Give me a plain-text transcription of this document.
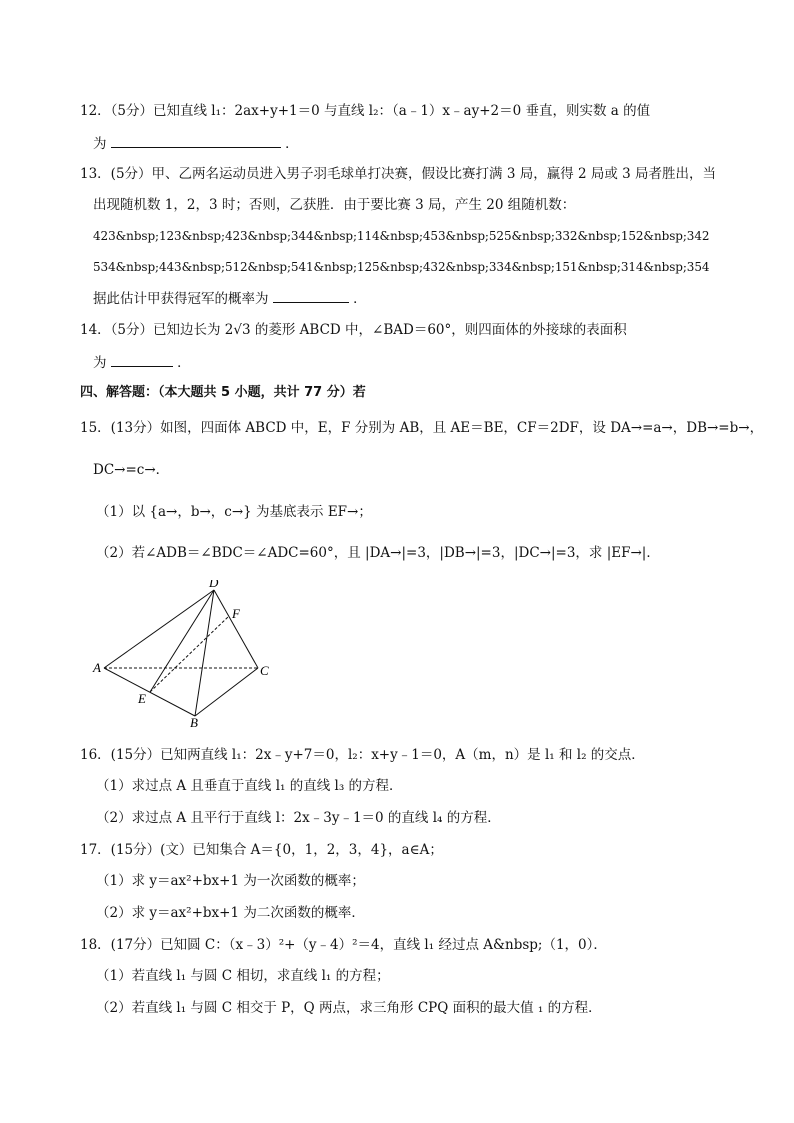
12．（5分）已知直线 l₁：2ax+y+1＝0 与直线 l₂：（a﹣1）x﹣ay+2＝0 垂直，则实数 a 的值
为	．
13．(5分）甲、乙两名运动员进入男子羽毛球单打决赛，假设比赛打满 3 局，赢得 2 局或 3 局者胜出，当
出现随机数 1，2，3 时；否则，乙获胜．由于要比赛 3 局，产生 20 组随机数：
423&nbsp;123&nbsp;423&nbsp;344&nbsp;114&nbsp;453&nbsp;525&nbsp;332&nbsp;152&nbsp;342
534&nbsp;443&nbsp;512&nbsp;541&nbsp;125&nbsp;432&nbsp;334&nbsp;151&nbsp;314&nbsp;354
据此估计甲获得冠军的概率为	．
14．（5分）已知边长为 2√3 的菱形 ABCD 中，∠BAD＝60°，则四面体的外接球的表面积
为	．
四、解答题：（本大题共 5 小题，共计 77 分）若
15．(13分）如图，四面体 ABCD 中，E，F 分别为 AB，且 AE＝BE，CF＝2DF，设 DA→=a→，DB→=b→，
DC→=c→．
（1）以 {a→，b→，c→} 为基底表示 EF→；
（2）若∠ADB＝∠BDC＝∠ADC=60°，且 |DA→|=3，|DB→|=3，|DC→|=3，求 |EF→|．
D
F
A	C
E
B
16．(15分）已知两直线 l₁：2x﹣y+7＝0，l₂：x+y﹣1＝0，A（m，n）是 l₁ 和 l₂ 的交点．
（1）求过点 A 且垂直于直线 l₁ 的直线 l₃ 的方程．
（2）求过点 A 且平行于直线 l：2x﹣3y﹣1＝0 的直线 l₄ 的方程．
17．(15分）(文）已知集合 A＝{0，1，2，3，4}，a∈A；
（1）求 y＝ax²+bx+1 为一次函数的概率；
（2）求 y＝ax²+bx+1 为二次函数的概率．
18．(17分）已知圆 C：（x﹣3）²+（y﹣4）²＝4，直线 l₁ 经过点 A&nbsp;（1，0）．
（1）若直线 l₁ 与圆 C 相切，求直线 l₁ 的方程；
（2）若直线 l₁ 与圆 C 相交于 P，Q 两点，求三角形 CPQ 面积的最大值 ₁ 的方程．
